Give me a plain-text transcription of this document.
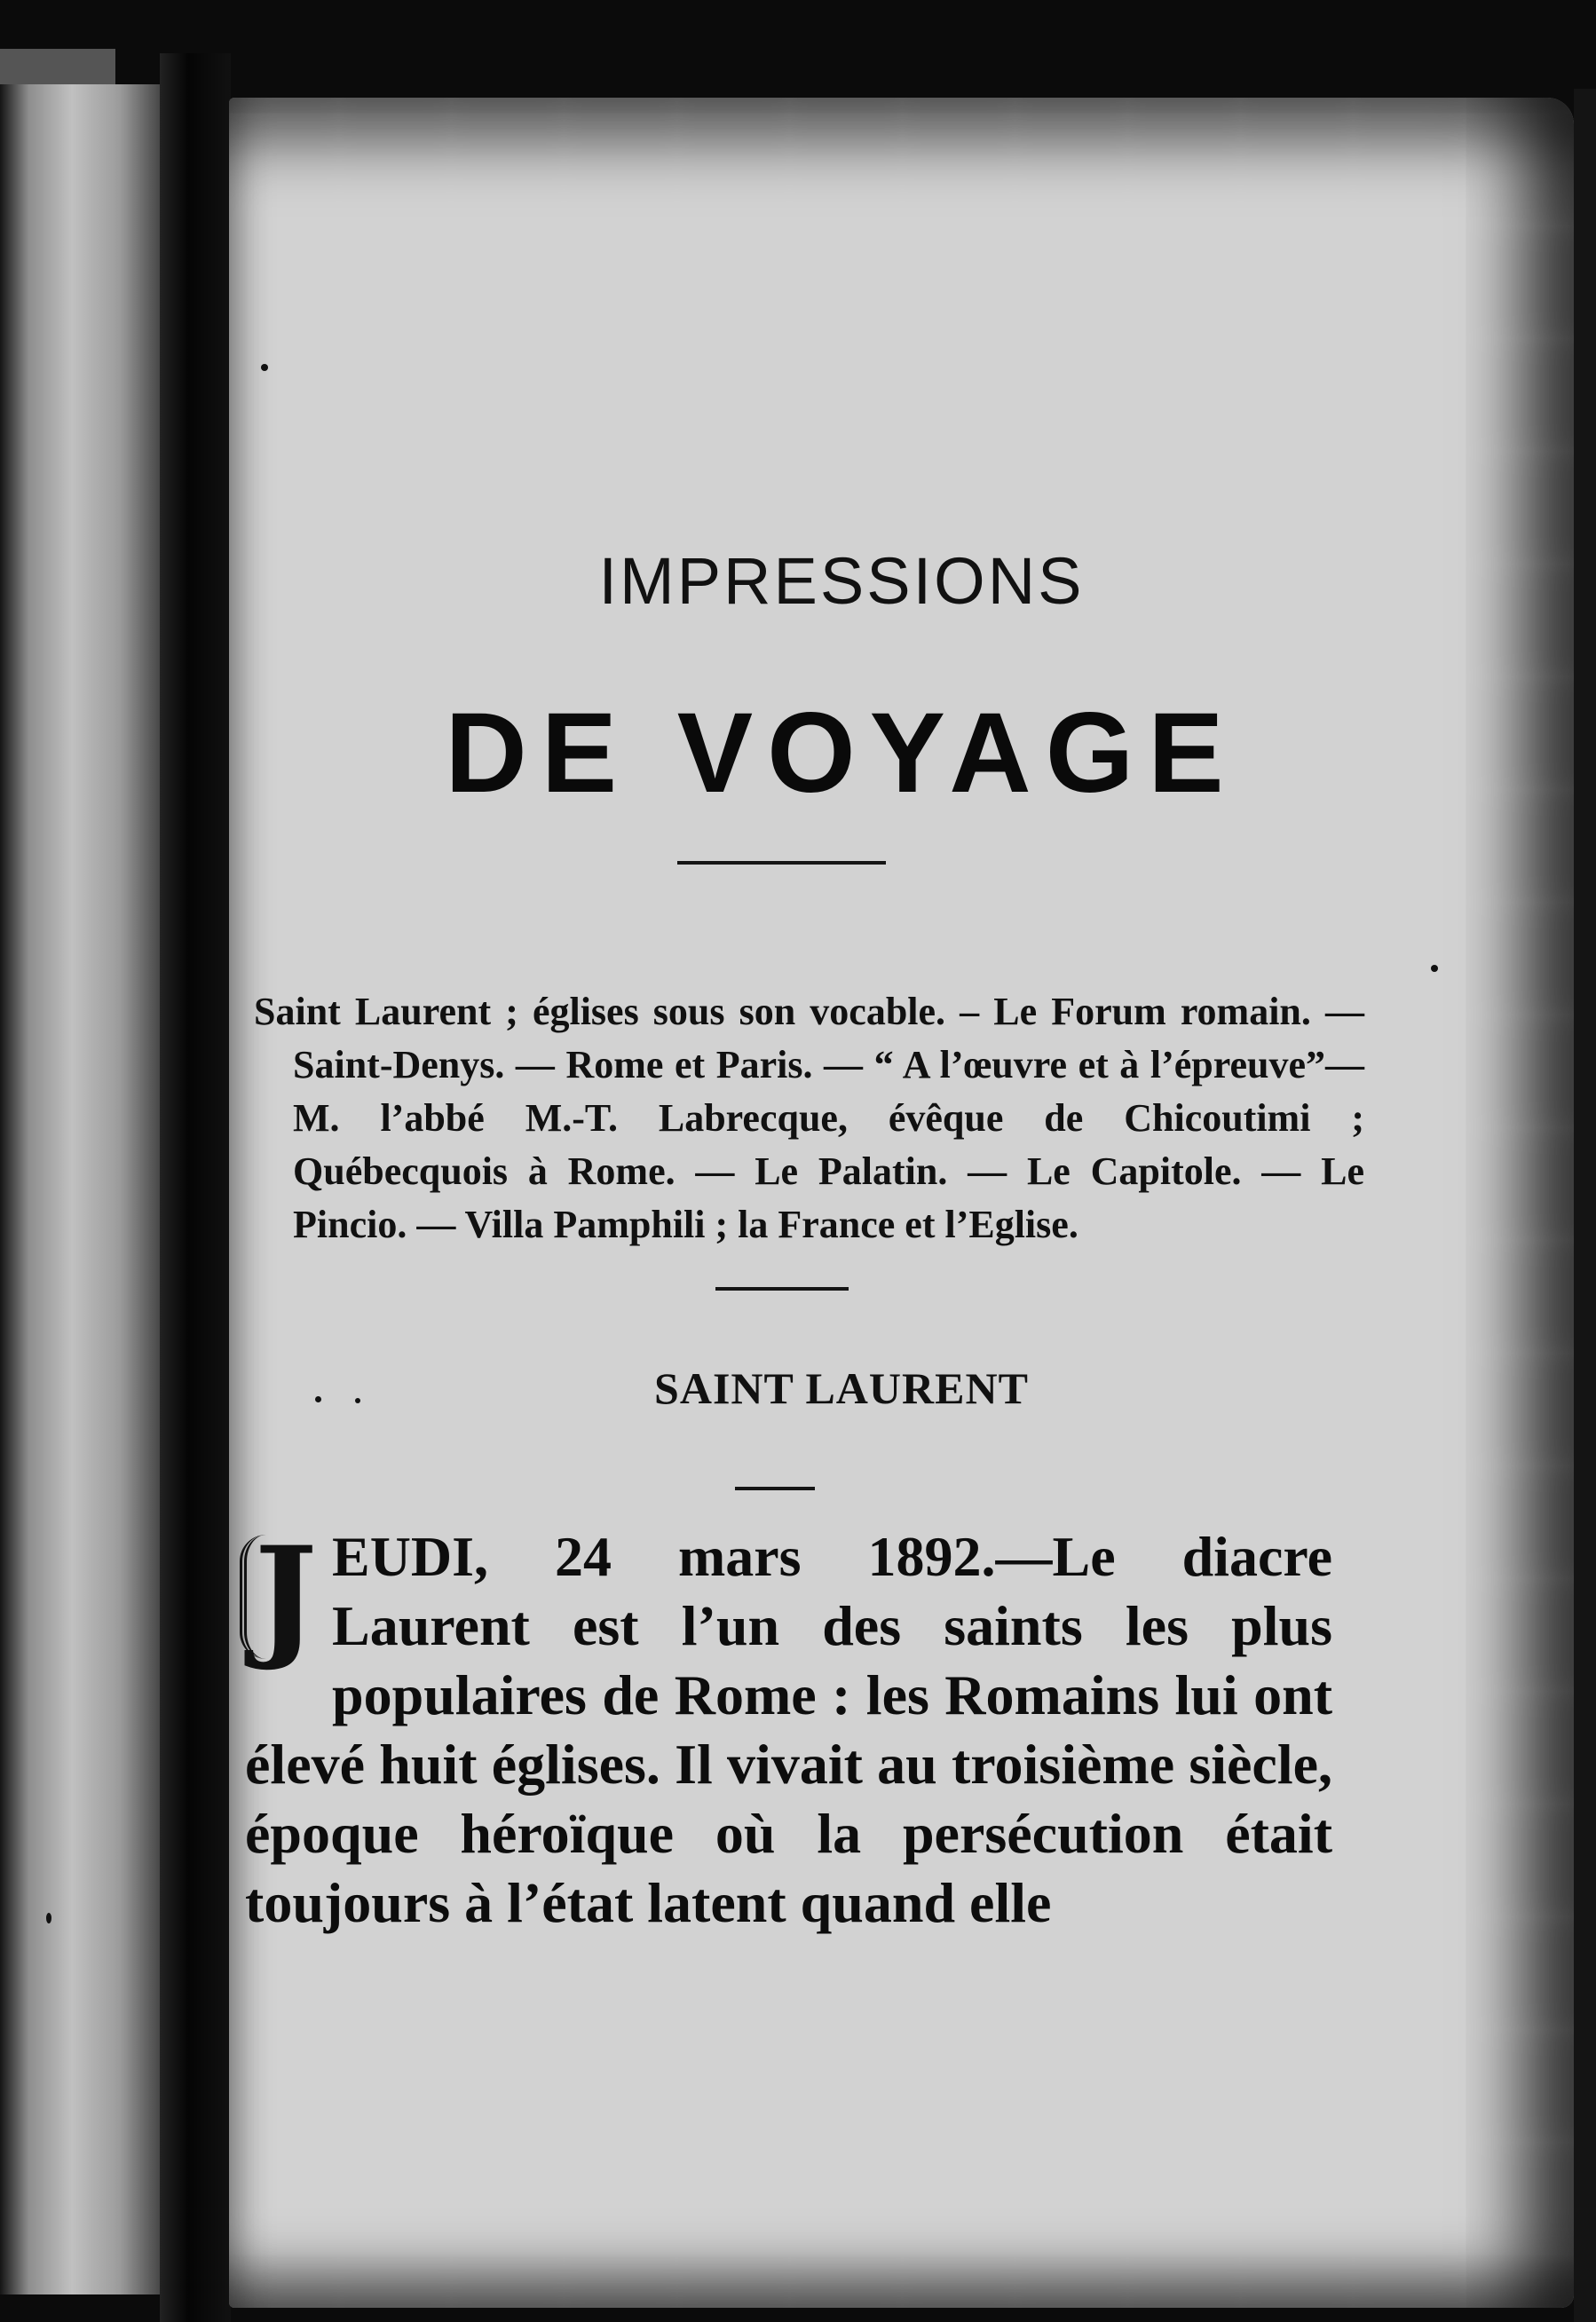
IMPRESSIONS
DE VOYAGE
Saint Laurent ; églises sous son vocable. – Le Forum romain. — Saint-Denys. — Rome et Paris. — “ A l’œuvre et à l’épreuve”—M. l’abbé M.-T. Labrecque, évêque de Chicoutimi ; Québecquois à Rome. — Le Palatin. — Le Capitole. — Le Pincio. — Villa Pamphili ; la France et l’Eglise.
SAINT LAURENT
J EUDI, 24 mars 1892.—Le diacre Laurent est l’un des saints les plus populaires de Rome : les Romains lui ont élevé huit églises. Il vivait au troisième siècle, époque héroïque où la persécution était toujours à l’état latent quand elle
